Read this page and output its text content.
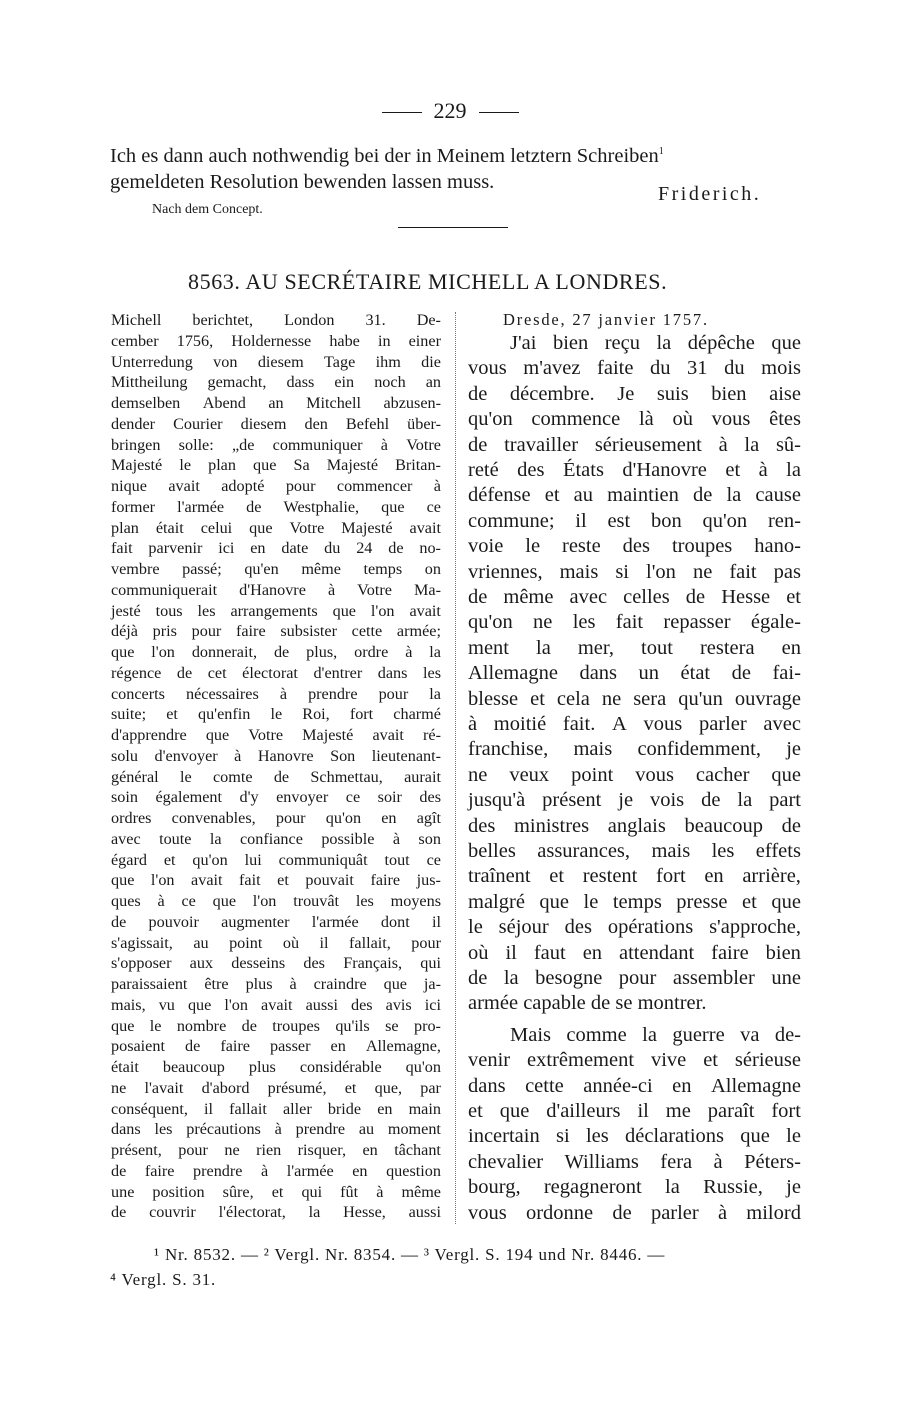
229
Ich es dann auch nothwendig bei der in Meinem letztern Schreiben$^1$
gemeldeten Resolution bewenden lassen muss.
Friderich.
Nach dem Concept.
8563. AU SECRÉTAIRE MICHELL A LONDRES.
Michell berichtet, London 31. De-
cember 1756, Holdernesse habe in einer
Unterredung von diesem Tage ihm die
Mittheilung gemacht, dass ein noch an
demselben Abend an Mitchell abzusen-
dender Courier diesem den Befehl über-
bringen solle: „de communiquer à Votre
Majesté le plan que Sa Majesté Britan-
nique avait adopté pour commencer à
former l'armée de Westphalie, que ce
plan était celui que Votre Majesté avait
fait parvenir ici en date du 24 de no-
vembre passé; qu'en même temps on
communiquerait d'Hanovre à Votre Ma-
jesté tous les arrangements que l'on avait
déjà pris pour faire subsister cette armée;
que l'on donnerait, de plus, ordre à la
régence de cet électorat d'entrer dans les
concerts nécessaires à prendre pour la
suite; et qu'enfin le Roi, fort charmé
d'apprendre que Votre Majesté avait ré-
solu d'envoyer à Hanovre Son lieutenant-
général le comte de Schmettau, aurait
soin également d'y envoyer ce soir des
ordres convenables, pour qu'on en agît
avec toute la confiance possible à son
égard et qu'on lui communiquât tout ce
que l'on avait fait et pouvait faire jus-
ques à ce que l'on trouvât les moyens
de pouvoir augmenter l'armée dont il
s'agissait, au point où il fallait, pour
s'opposer aux desseins des Français, qui
paraissaient être plus à craindre que ja-
mais, vu que l'on avait aussi des avis ici
que le nombre de troupes qu'ils se pro-
posaient de faire passer en Allemagne,
était beaucoup plus considérable qu'on
ne l'avait d'abord présumé, et que, par
conséquent, il fallait aller bride en main
dans les précautions à prendre au moment
présent, pour ne rien risquer, en tâchant
de faire prendre à l'armée en question
une position sûre, et qui fût à même
de couvrir l'électorat, la Hesse, aussi
Dresde, 27 janvier 1757.
J'ai bien reçu la dépêche que
vous m'avez faite du 31 du mois
de décembre. Je suis bien aise
qu'on commence là où vous êtes
de travailler sérieusement à la sû-
reté des États d'Hanovre et à la
défense et au maintien de la cause
commune; il est bon qu'on ren-
voie le reste des troupes hano-
vriennes, mais si l'on ne fait pas
de même avec celles de Hesse et
qu'on ne les fait repasser égale-
ment la mer, tout restera en
Allemagne dans un état de fai-
blesse et cela ne sera qu'un ouvrage
à moitié fait. A vous parler avec
franchise, mais confidemment, je
ne veux point vous cacher que
jusqu'à présent je vois de la part
des ministres anglais beaucoup de
belles assurances, mais les effets
traînent et restent fort en arrière,
malgré que le temps presse et que
le séjour des opérations s'approche,
où il faut en attendant faire bien
de la besogne pour assembler une
armée capable de se montrer.
Mais comme la guerre va de-
venir extrêmement vive et sérieuse
dans cette année-ci en Allemagne
et que d'ailleurs il me paraît fort
incertain si les déclarations que le
chevalier Williams fera à Péters-
bourg, regagneront la Russie, je
vous ordonne de parler à milord
¹ Nr. 8532. — ² Vergl. Nr. 8354. — ³ Vergl. S. 194 und Nr. 8446. —
⁴ Vergl. S. 31.
